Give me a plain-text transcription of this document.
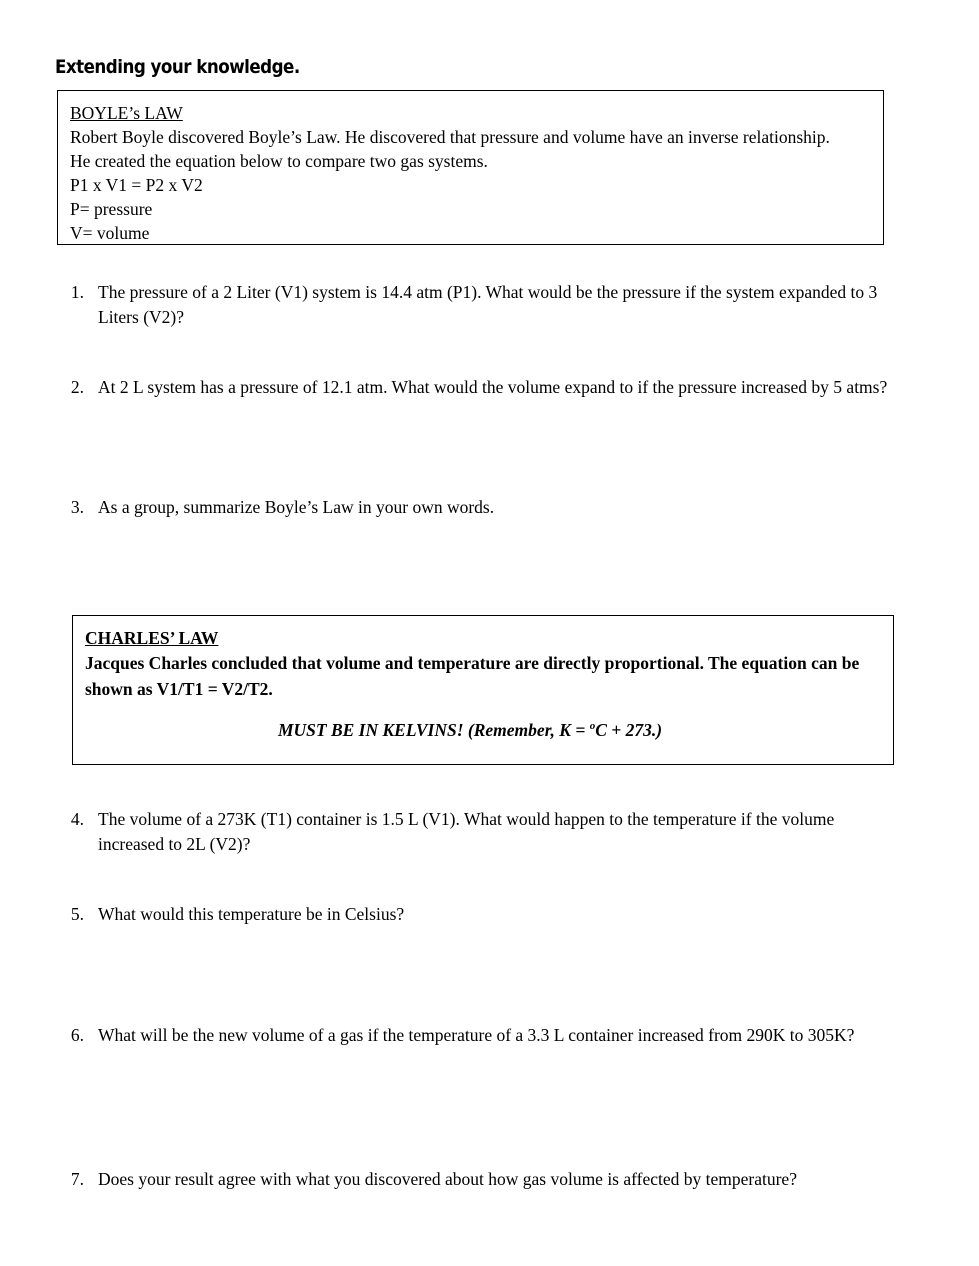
Extending your knowledge.
BOYLE’s LAW
Robert Boyle discovered Boyle’s Law. He discovered that pressure and volume have an inverse relationship. He created the equation below to compare two gas systems.
P1 x V1 = P2 x V2
P= pressure
V= volume
1. The pressure of a 2 Liter (V1) system is 14.4 atm (P1). What would be the pressure if the system expanded to 3 Liters (V2)?
2. At 2 L system has a pressure of 12.1 atm. What would the volume expand to if the pressure increased by 5 atms?
3. As a group, summarize Boyle’s Law in your own words.
CHARLES’ LAW
Jacques Charles concluded that volume and temperature are directly proportional. The equation can be shown as V1/T1 = V2/T2.
MUST BE IN KELVINS! (Remember, K = $^o$C + 273.)
4. The volume of a 273K (T1) container is 1.5 L (V1). What would happen to the temperature if the volume increased to 2L (V2)?
5. What would this temperature be in Celsius?
6. What will be the new volume of a gas if the temperature of a 3.3 L container increased from 290K to 305K?
7. Does your result agree with what you discovered about how gas volume is affected by temperature?
